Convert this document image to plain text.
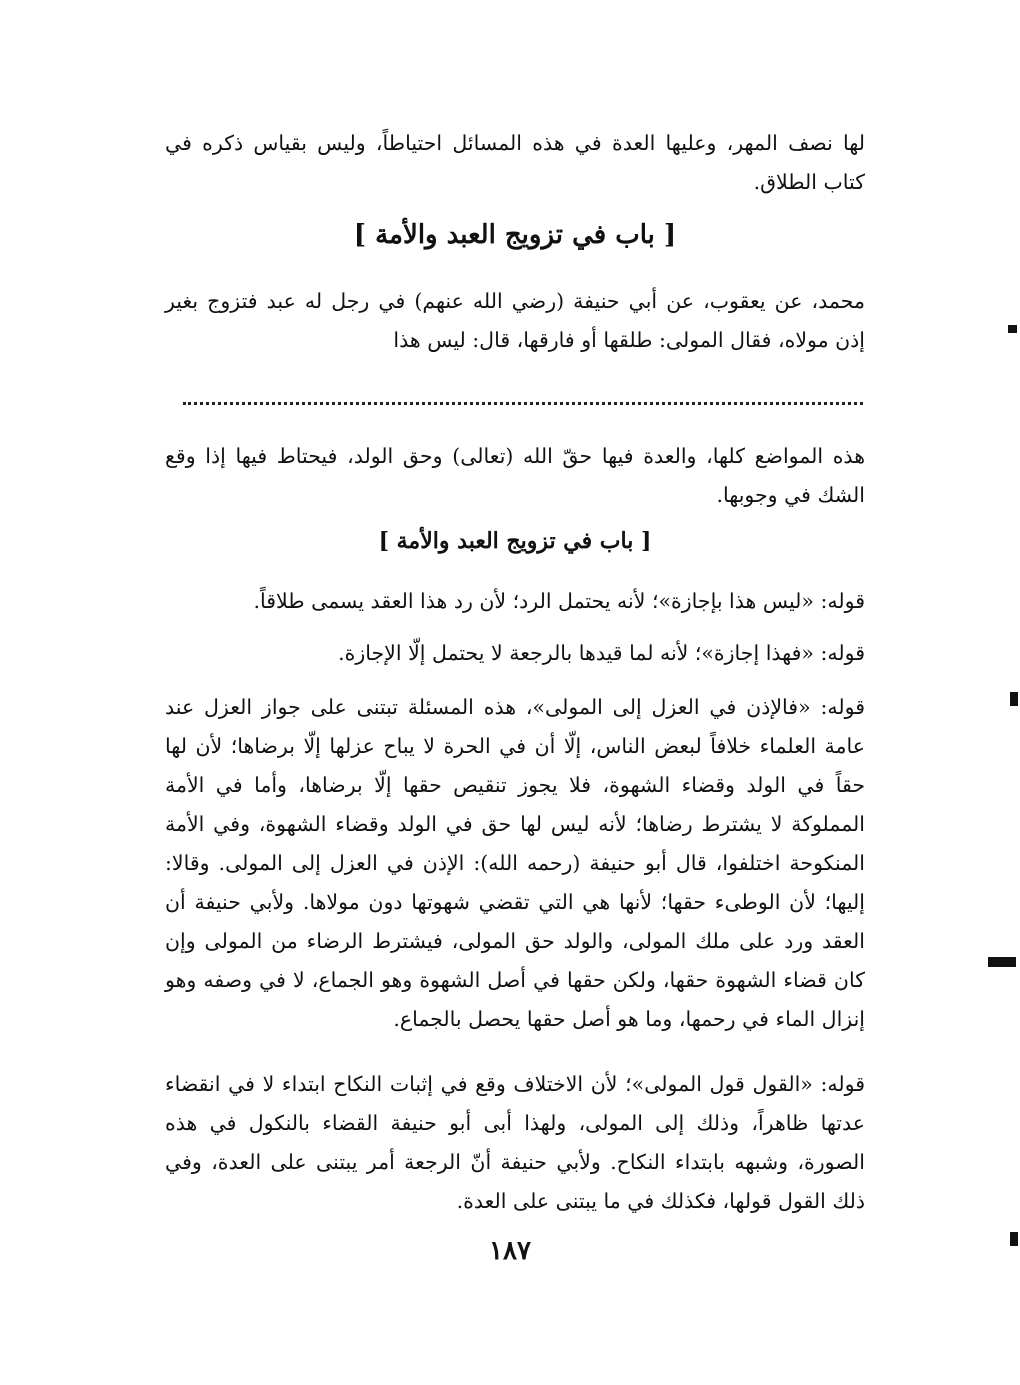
لها نصف المهر، وعليها العدة في هذه المسائل احتياطاً، وليس بقياس ذكره في كتاب الطلاق.
[ باب في تزويج العبد والأمة ]
محمد، عن يعقوب، عن أبي حنيفة (رضي الله عنهم) في رجل له عبد فتزوج بغير إذن مولاه، فقال المولى: طلقها أو فارقها، قال: ليس هذا
هذه المواضع كلها، والعدة فيها حقّ الله (تعالى) وحق الولد، فيحتاط فيها إذا وقع الشك في وجوبها.
[ باب في تزويج العبد والأمة ]
قوله: «ليس هذا بإجازة»؛ لأنه يحتمل الرد؛ لأن رد هذا العقد يسمى طلاقاً.
قوله: «فهذا إجازة»؛ لأنه لما قيدها بالرجعة لا يحتمل إلّا الإجازة.
قوله: «فالإذن في العزل إلى المولى»، هذه المسئلة تبتنى على جواز العزل عند عامة العلماء خلافاً لبعض الناس، إلّا أن في الحرة لا يباح عزلها إلّا برضاها؛ لأن لها حقاً في الولد وقضاء الشهوة، فلا يجوز تنقيص حقها إلّا برضاها، وأما في الأمة المملوكة لا يشترط رضاها؛ لأنه ليس لها حق في الولد وقضاء الشهوة، وفي الأمة المنكوحة اختلفوا، قال أبو حنيفة (رحمه الله): الإذن في العزل إلى المولى. وقالا: إليها؛ لأن الوطىء حقها؛ لأنها هي التي تقضي شهوتها دون مولاها. ولأبي حنيفة أن العقد ورد على ملك المولى، والولد حق المولى، فيشترط الرضاء من المولى وإن كان قضاء الشهوة حقها، ولكن حقها في أصل الشهوة وهو الجماع، لا في وصفه وهو إنزال الماء في رحمها، وما هو أصل حقها يحصل بالجماع.
قوله: «القول قول المولى»؛ لأن الاختلاف وقع في إثبات النكاح ابتداء لا في انقضاء عدتها ظاهراً، وذلك إلى المولى، ولهذا أبى أبو حنيفة القضاء بالنكول في هذه الصورة، وشبهه بابتداء النكاح. ولأبي حنيفة أنّ الرجعة أمر يبتنى على العدة، وفي ذلك القول قولها، فكذلك في ما يبتنى على العدة.
١٨٧
